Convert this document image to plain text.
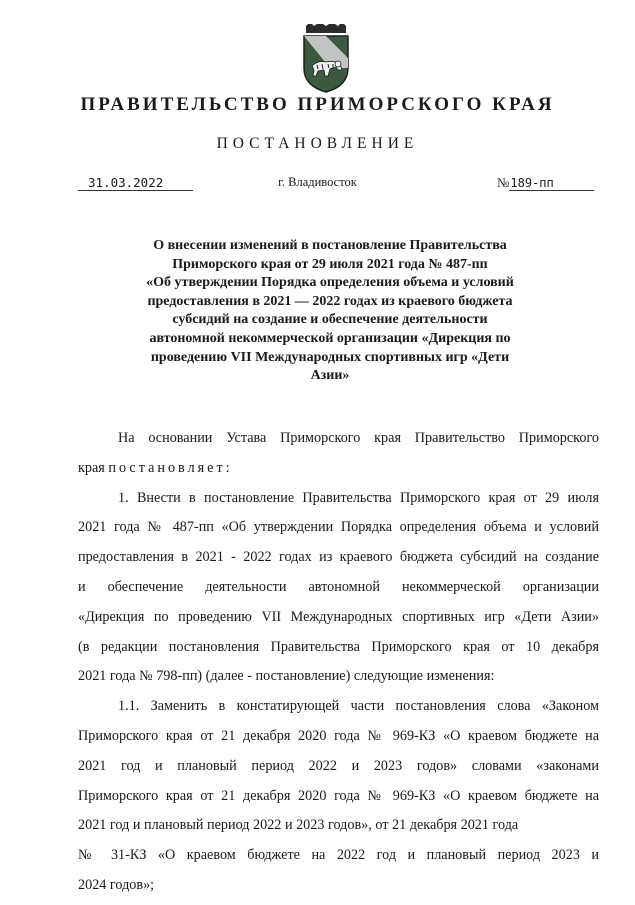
ПРАВИТЕЛЬСТВО ПРИМОРСКОГО КРАЯ
ПОСТАНОВЛЕНИЕ
31.03.2022	г. Владивосток	№189-пп
О внесении изменений в постановление Правительства
Приморского края от 29 июля 2021 года № 487-пп
«Об утверждении Порядка определения объема и условий
предоставления в 2021 — 2022 годах из краевого бюджета
субсидий на создание и обеспечение деятельности
автономной некоммерческой организации «Дирекция по
проведению VII Международных спортивных игр «Дети
Азии»
На основании Устава Приморского края Правительство Приморского
края постановляет:
1. Внести в постановление Правительства Приморского края от 29 июля
2021 года № 487-пп «Об утверждении Порядка определения объема и условий
предоставления в 2021 - 2022 годах из краевого бюджета субсидий на создание
и обеспечение деятельности автономной некоммерческой организации
«Дирекция по проведению VII Международных спортивных игр «Дети Азии»
(в редакции постановления Правительства Приморского края от 10 декабря
2021 года № 798-пп) (далее - постановление) следующие изменения:
1.1. Заменить в констатирующей части постановления слова «Законом
Приморского края от 21 декабря 2020 года № 969-КЗ «О краевом бюджете на
2021 год и плановый период 2022 и 2023 годов» словами «законами
Приморского края от 21 декабря 2020 года № 969-КЗ «О краевом бюджете на
2021 год и плановый период 2022 и 2023 годов», от 21 декабря 2021 года
№ 31-КЗ «О краевом бюджете на 2022 год и плановый период 2023 и
2024 годов»;
